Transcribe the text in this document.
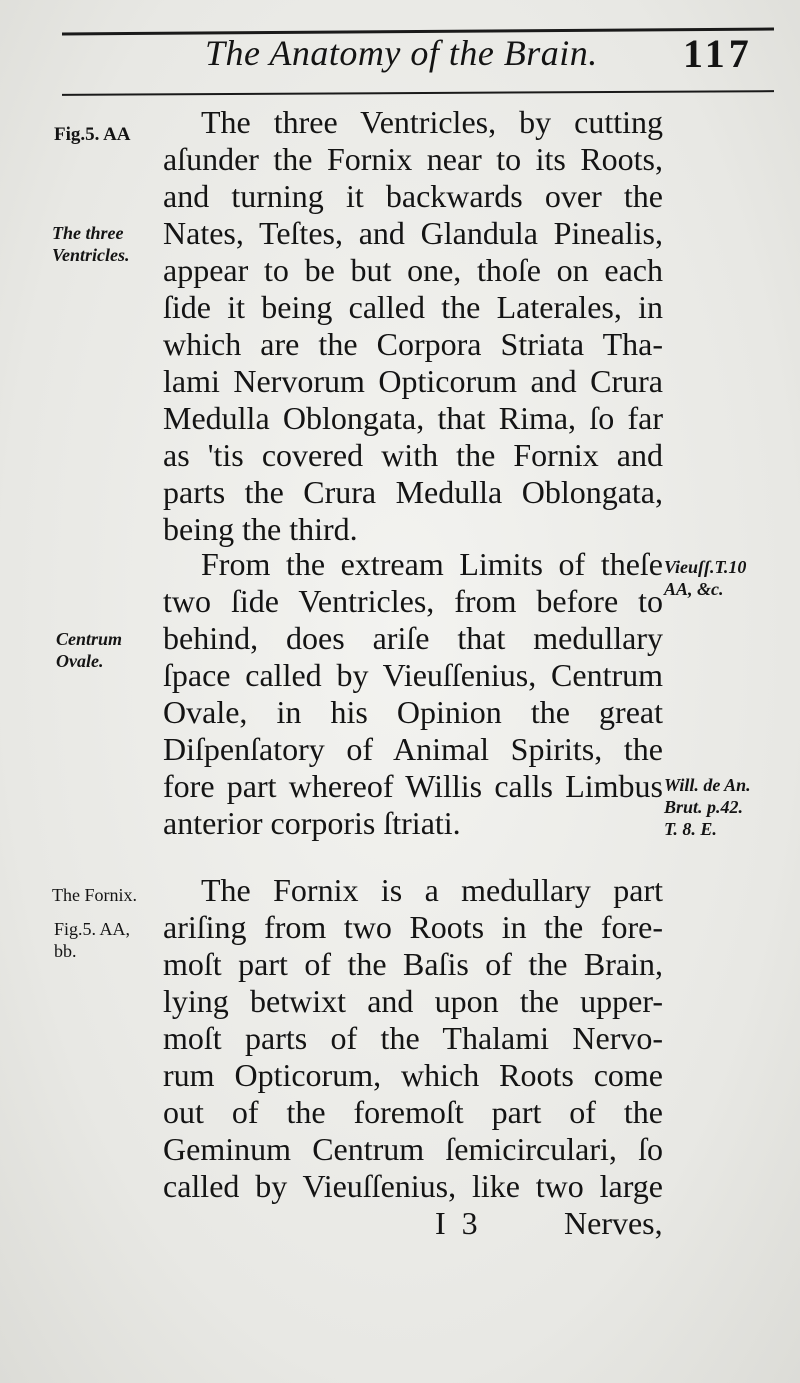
The Anatomy of the Brain. 117
Fig.5. AA
The three
Ventricles.
The three Ventricles, by cutting
aſunder the Fornix near to its Roots,
and turning it backwards over the
Nates, Teſtes, and Glandula Pinealis,
appear to be but one, thoſe on each
ſide it being called the Laterales, in
which are the Corpora Striata Tha-
lami Nervorum Opticorum and Crura
Medulla Oblongata, that Rima, ſo far
as 'tis covered with the Fornix and
parts the Crura Medulla Oblongata,
being the third.
Vieuſſ.T.10
AA, &c.
Centrum
Ovale.
From the extream Limits of theſe
two ſide Ventricles, from before to
behind, does ariſe that medullary
ſpace called by Vieuſſenius, Centrum
Ovale, in his Opinion the great
Diſpenſatory of Animal Spirits, the
fore part whereof Willis calls Limbus
anterior corporis ſtriati.
Will. de An.
Brut. p.42.
T. 8. E.
The Fornix.
Fig.5. AA,
bb.
The Fornix is a medullary part
ariſing from two Roots in the fore-
moſt part of the Baſis of the Brain,
lying betwixt and upon the upper-
moſt parts of the Thalami Nervo-
rum Opticorum, which Roots come
out of the foremoſt part of the
Geminum Centrum ſemicirculari, ſo
called by Vieuſſenius, like two large
I 3	Nerves,
